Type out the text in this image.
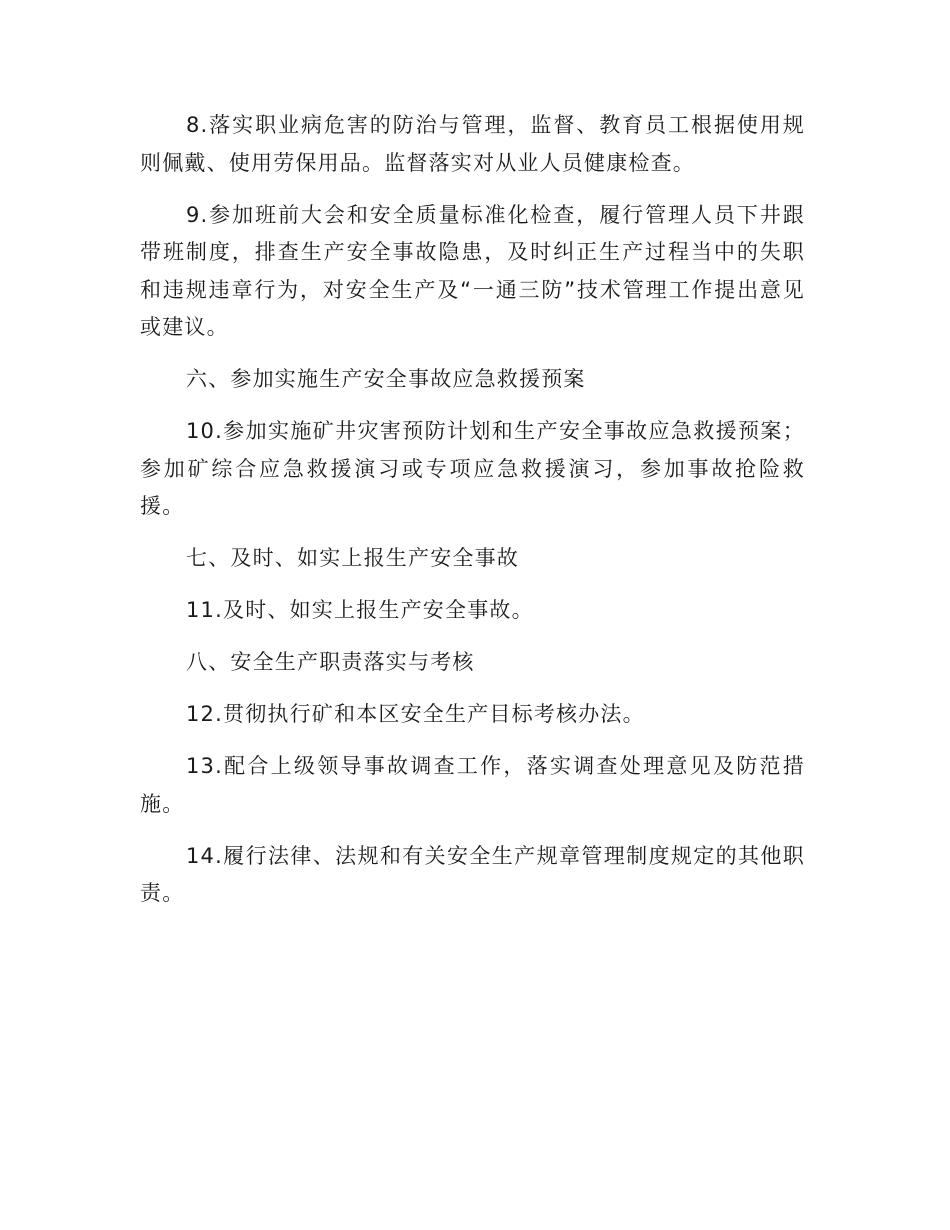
8.落实职业病危害的防治与管理，监督、教育员工根据使用规则佩戴、使用劳保用品。监督落实对从业人员健康检查。

9.参加班前大会和安全质量标准化检查，履行管理人员下井跟带班制度，排查生产安全事故隐患，及时纠正生产过程当中的失职和违规违章行为，对安全生产及“一通三防”技术管理工作提出意见或建议。

六、参加实施生产安全事故应急救援预案

10.参加实施矿井灾害预防计划和生产安全事故应急救援预案；参加矿综合应急救援演习或专项应急救援演习，参加事故抢险救援。

七、及时、如实上报生产安全事故

11.及时、如实上报生产安全事故。

八、安全生产职责落实与考核

12.贯彻执行矿和本区安全生产目标考核办法。

13.配合上级领导事故调查工作，落实调查处理意见及防范措施。

14.履行法律、法规和有关安全生产规章管理制度规定的其他职责。
